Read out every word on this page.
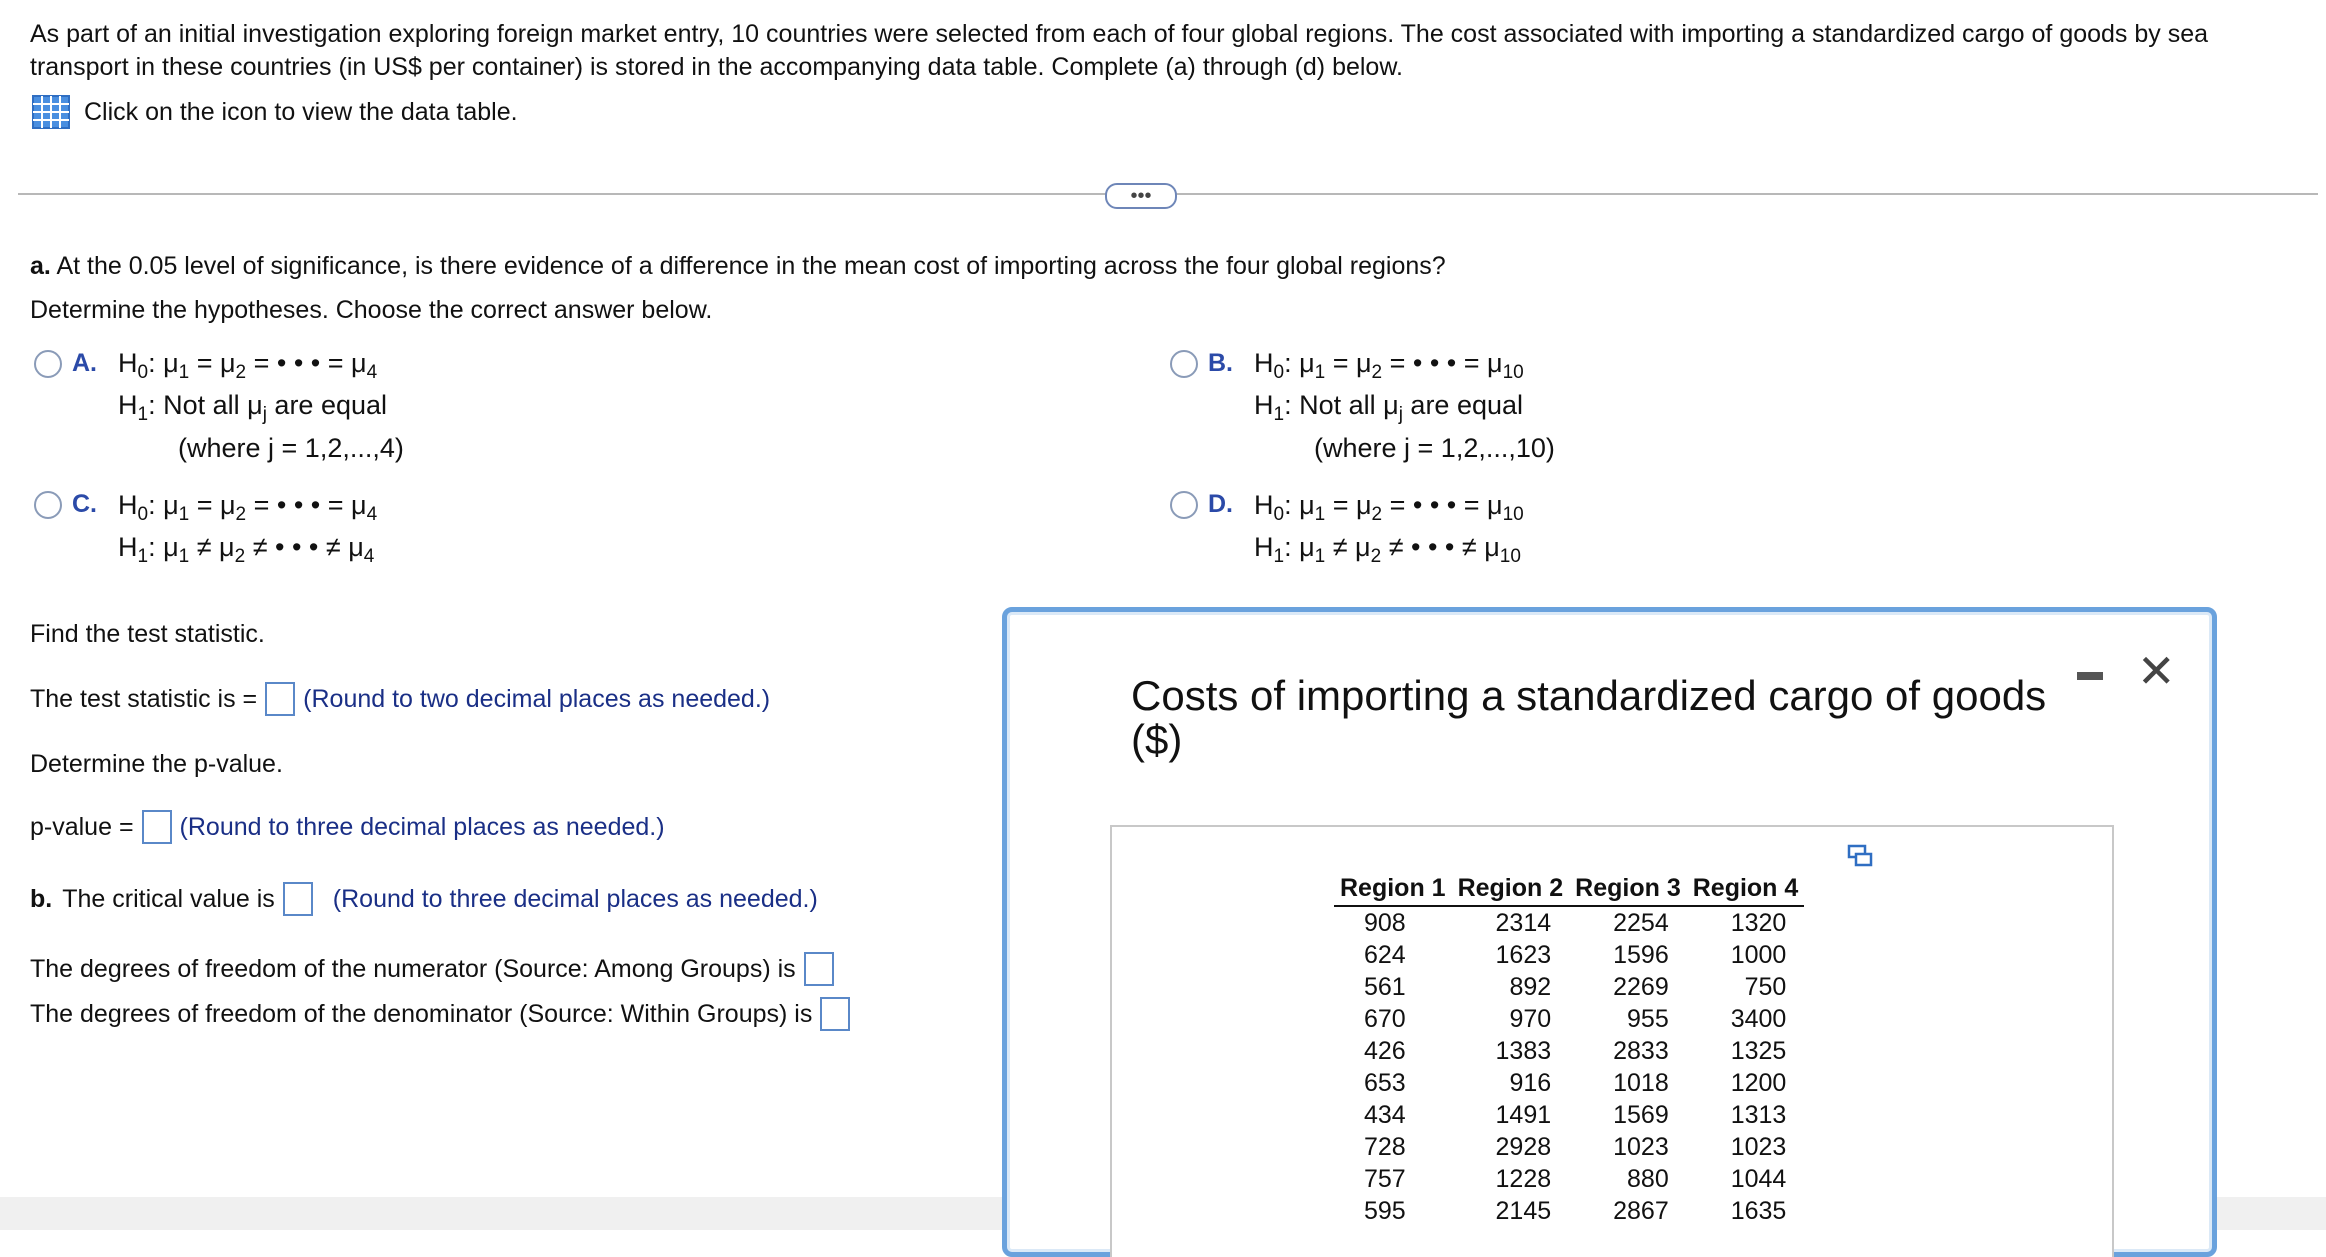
As part of an initial investigation exploring foreign market entry, 10 countries were selected from each of four global regions. The cost associated with importing a standardized cargo of goods by sea transport in these countries (in US$ per container) is stored in the accompanying data table. Complete (a) through (d) below.

Click on the icon to view the data table.
•••
a. At the 0.05 level of significance, is there evidence of a difference in the mean cost of importing across the four global regions?
Determine the hypotheses. Choose the correct answer below.
A. $H_0$: $\mu_1 = \mu_2$ = • • • = $\mu_4$
$H_1$: Not all $\mu_j$ are equal
(where j = 1,2,...,4)
B. $H_0$: $\mu_1 = \mu_2$ = • • • = $\mu_{10}$
$H_1$: Not all $\mu_j$ are equal
(where j = 1,2,...,10)
C. $H_0$: $\mu_1 = \mu_2$ = • • • = $\mu_4$
$H_1$: $\mu_1 \ne \mu_2$ ≠ • • • ≠ $\mu_4$
D. $H_0$: $\mu_1 = \mu_2$ = • • • = $\mu_{10}$
$H_1$: $\mu_1 \ne \mu_2$ ≠ • • • ≠ $\mu_{10}$
Find the test statistic.
The test statistic is = (Round to two decimal places as needed.)
Determine the p-value.
p-value = (Round to three decimal places as needed.)
b. The critical value is (Round to three decimal places as needed.)
The degrees of freedom of the numerator (Source: Among Groups) is
The degrees of freedom of the denominator (Source: Within Groups) is
Costs of importing a standardized cargo of goods ($)
✕
Region 1	Region 2	Region 3	Region 4
908	2314	2254	1320
624	1623	1596	1000
561	892	2269	750
670	970	955	3400
426	1383	2833	1325
653	916	1018	1200
434	1491	1569	1313
728	2928	1023	1023
757	1228	880	1044
595	2145	2867	1635
